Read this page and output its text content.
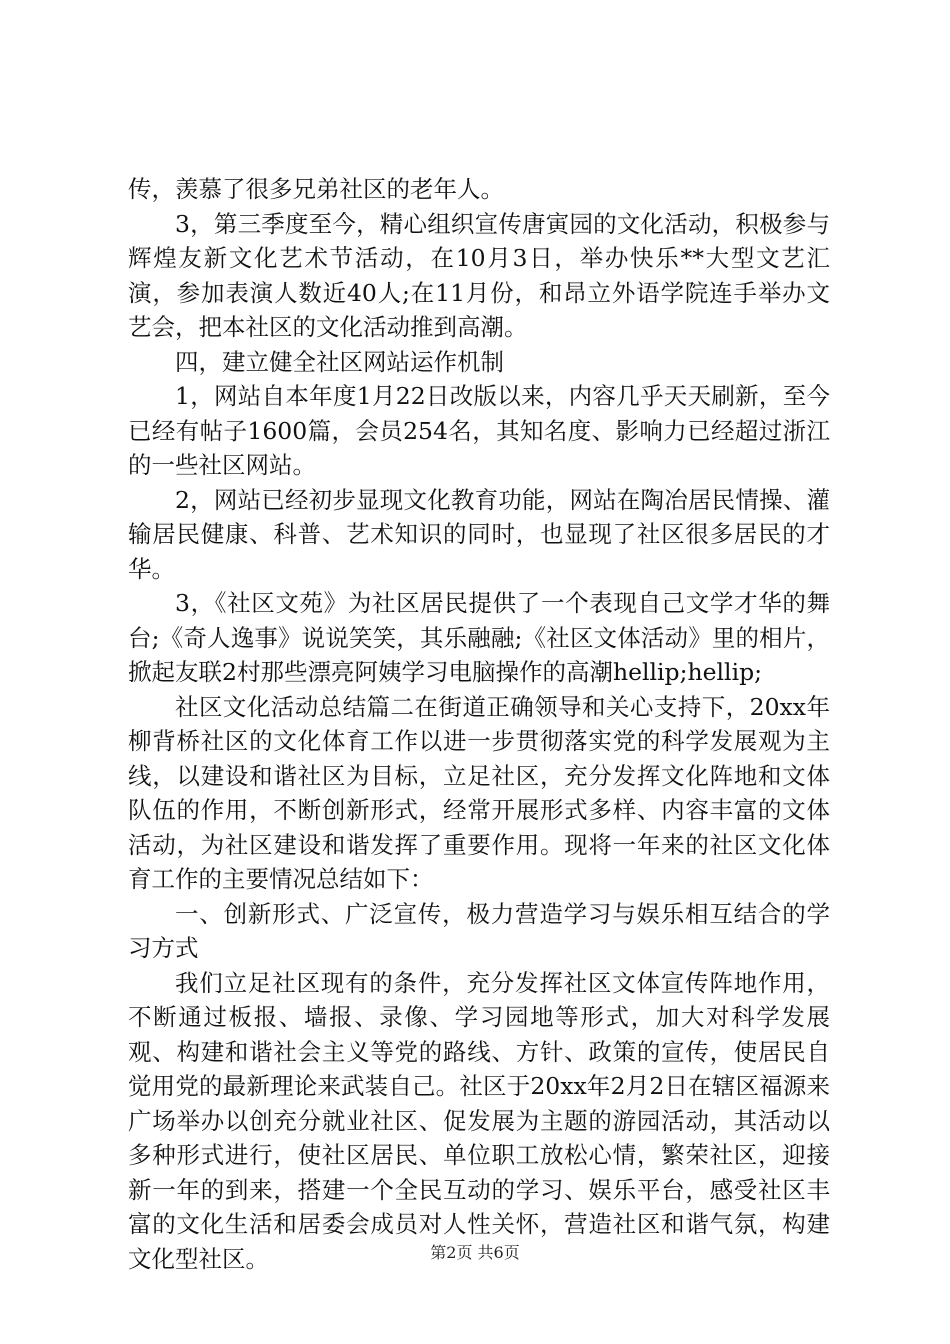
传，羡慕了很多兄弟社区的老年人。

3，第三季度至今，精心组织宣传唐寅园的文化活动，积极参与辉煌友新文化艺术节活动，在10月3日，举办快乐**大型文艺汇演，参加表演人数近40人;在11月份，和昂立外语学院连手举办文艺会，把本社区的文化活动推到高潮。

四，建立健全社区网站运作机制

1，网站自本年度1月22日改版以来，内容几乎天天刷新，至今已经有帖子1600篇，会员254名，其知名度、影响力已经超过浙江的一些社区网站。

2，网站已经初步显现文化教育功能，网站在陶冶居民情操、灌输居民健康、科普、艺术知识的同时，也显现了社区很多居民的才华。

3，《社区文苑》为社区居民提供了一个表现自己文学才华的舞台;《奇人逸事》说说笑笑，其乐融融;《社区文体活动》里的相片，掀起友联2村那些漂亮阿姨学习电脑操作的高潮hellip;hellip;

社区文化活动总结篇二在街道正确领导和关心支持下，20xx年柳背桥社区的文化体育工作以进一步贯彻落实党的科学发展观为主线，以建设和谐社区为目标，立足社区，充分发挥文化阵地和文体队伍的作用，不断创新形式，经常开展形式多样、内容丰富的文体活动，为社区建设和谐发挥了重要作用。现将一年来的社区文化体育工作的主要情况总结如下：

一、创新形式、广泛宣传，极力营造学习与娱乐相互结合的学习方式

我们立足社区现有的条件，充分发挥社区文体宣传阵地作用，不断通过板报、墙报、录像、学习园地等形式，加大对科学发展观、构建和谐社会主义等党的路线、方针、政策的宣传，使居民自觉用党的最新理论来武装自己。社区于20xx年2月2日在辖区福源来广场举办以创充分就业社区、促发展为主题的游园活动，其活动以多种形式进行，使社区居民、单位职工放松心情，繁荣社区，迎接新一年的到来，搭建一个全民互动的学习、娱乐平台，感受社区丰富的文化生活和居委会成员对人性关怀，营造社区和谐气氛，构建文化型社区。	第2页 共6页
